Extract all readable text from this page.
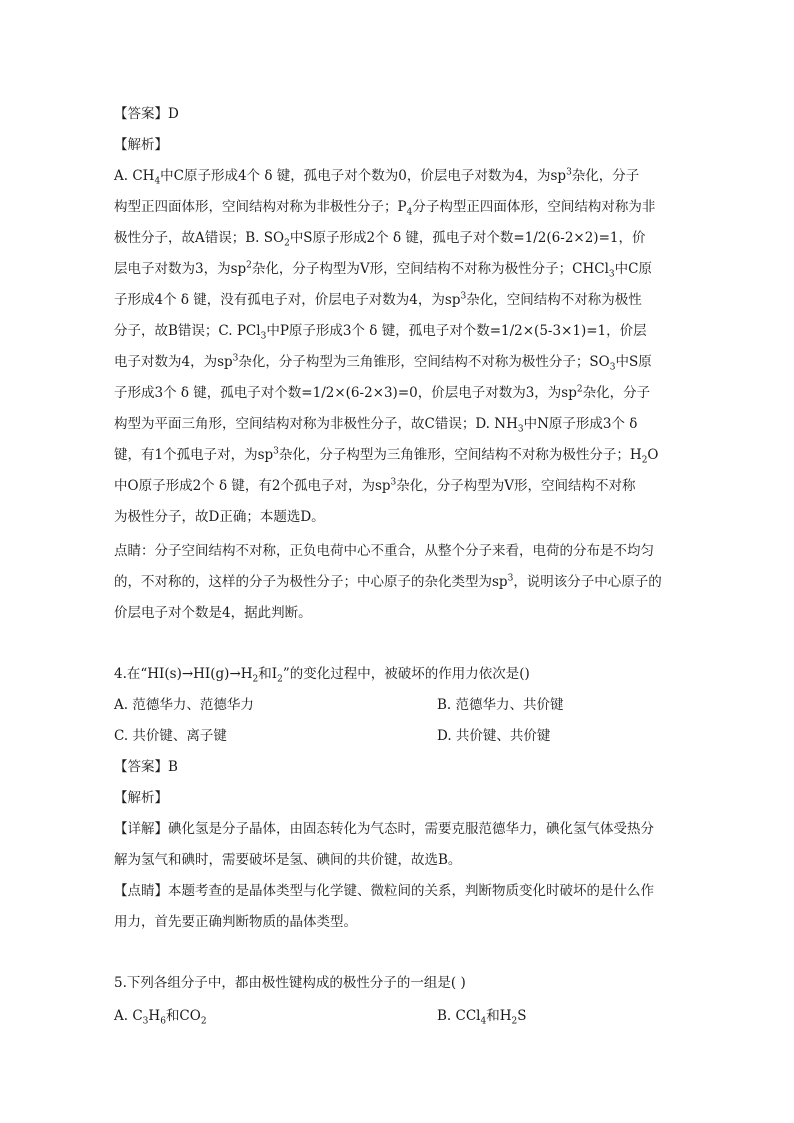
【答案】D
【解析】
A. $CH_4$中C原子形成4个 δ 键，孤电子对个数为0，价层电子对数为4，为$sp^3$杂化，分子
构型正四面体形，空间结构对称为非极性分子；$P_4$分子构型正四面体形，空间结构对称为非
极性分子，故A错误；B. $SO_2$中S原子形成2个 δ 键，孤电子对个数=1/2(6-2×2)=1，价
层电子对数为3，为$sp^2$杂化，分子构型为V形，空间结构不对称为极性分子；CHCl$_3$中C原
子形成4个 δ 键，没有孤电子对，价层电子对数为4，为$sp^3$杂化，空间结构不对称为极性
分子，故B错误；C. PCl$_3$中P原子形成3个 δ 键，孤电子对个数=1/2×(5-3×1)=1，价层
电子对数为4，为$sp^3$杂化，分子构型为三角锥形，空间结构不对称为极性分子；$SO_3$中S原
子形成3个 δ 键，孤电子对个数=1/2×(6-2×3)=0，价层电子对数为3，为$sp^2$杂化，分子
构型为平面三角形，空间结构对称为非极性分子，故C错误；D. $NH_3$中N原子形成3个 δ
键，有1个孤电子对，为$sp^3$杂化，分子构型为三角锥形，空间结构不对称为极性分子；$H_2O$
中O原子形成2个 δ 键，有2个孤电子对，为$sp^3$杂化，分子构型为V形，空间结构不对称
为极性分子，故D正确；本题选D。
点睛：分子空间结构不对称，正负电荷中心不重合，从整个分子来看，电荷的分布是不均匀
的，不对称的，这样的分子为极性分子；中心原子的杂化类型为$sp^3$，说明该分子中心原子的
价层电子对个数是4，据此判断。
4.在“$HI(s)\to HI(g)\to H_2$和$I_2$”的变化过程中，被破坏的作用力依次是()
A. 范德华力、范德华力	B. 范德华力、共价键
C. 共价键、离子键	D. 共价键、共价键
【答案】B
【解析】
【详解】碘化氢是分子晶体，由固态转化为气态时，需要克服范德华力，碘化氢气体受热分
解为氢气和碘时，需要破坏是氢、碘间的共价键，故选B。
【点睛】本题考查的是晶体类型与化学键、微粒间的关系，判断物质变化时破坏的是什么作
用力，首先要正确判断物质的晶体类型。
5.下列各组分子中，都由极性键构成的极性分子的一组是( )
A. $C_3H_6$和$CO_2$	B. CCl$_4$和$H_2S$
